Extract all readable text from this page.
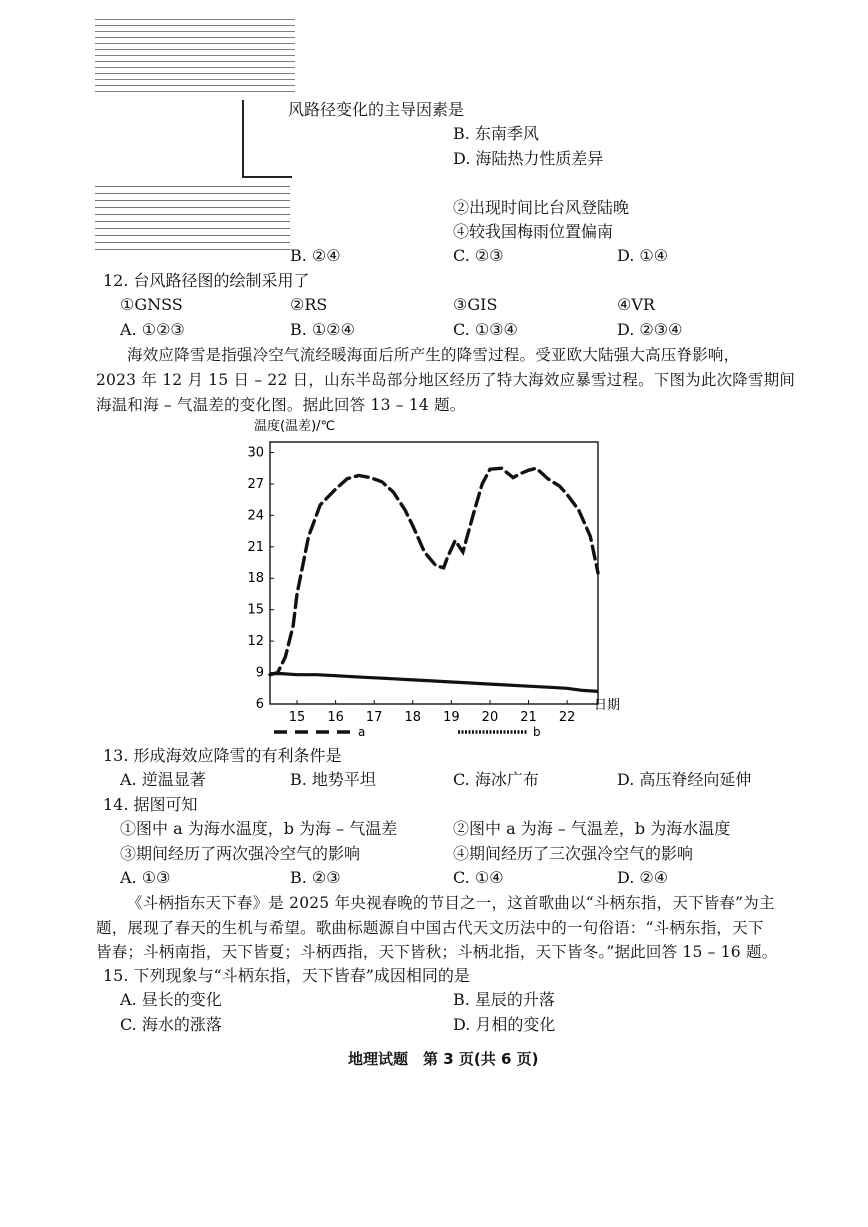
风路径变化的主导因素是
B. 东南季风
D. 海陆热力性质差异
②出现时间比台风登陆晚
④较我国梅雨位置偏南
B. ②④	C. ②③	D. ①④
12. 台风路径图的绘制采用了
①GNSS	②RS	③GIS	④VR
A. ①②③	B. ①②④	C. ①③④	D. ②③④
海效应降雪是指强冷空气流经暖海面后所产生的降雪过程。受亚欧大陆强大高压脊影响，
2023 年 12 月 15 日 – 22 日，山东半岛部分地区经历了特大海效应暴雪过程。下图为此次降雪期间
海温和海 – 气温差的变化图。据此回答 13 – 14 题。
温度(温差)/℃
6
9
12
15
18
21
24
27
30
15 16 17 18 19 20 21 22
日期
a	b
13. 形成海效应降雪的有利条件是
A. 逆温显著	B. 地势平坦	C. 海冰广布	D. 高压脊经向延伸
14. 据图可知
①图中 a 为海水温度，b 为海 – 气温差	②图中 a 为海 – 气温差，b 为海水温度
③期间经历了两次强冷空气的影响	④期间经历了三次强冷空气的影响
A. ①③	B. ②③	C. ①④	D. ②④
《斗柄指东天下春》是 2025 年央视春晚的节目之一，这首歌曲以“斗柄东指，天下皆春”为主
题，展现了春天的生机与希望。歌曲标题源自中国古代天文历法中的一句俗语：“斗柄东指，天下
皆春；斗柄南指，天下皆夏；斗柄西指，天下皆秋；斗柄北指，天下皆冬。”据此回答 15 – 16 题。
15. 下列现象与“斗柄东指，天下皆春”成因相同的是
A. 昼长的变化	B. 星辰的升落
C. 海水的涨落	D. 月相的变化
地理试题　第 3 页(共 6 页)
